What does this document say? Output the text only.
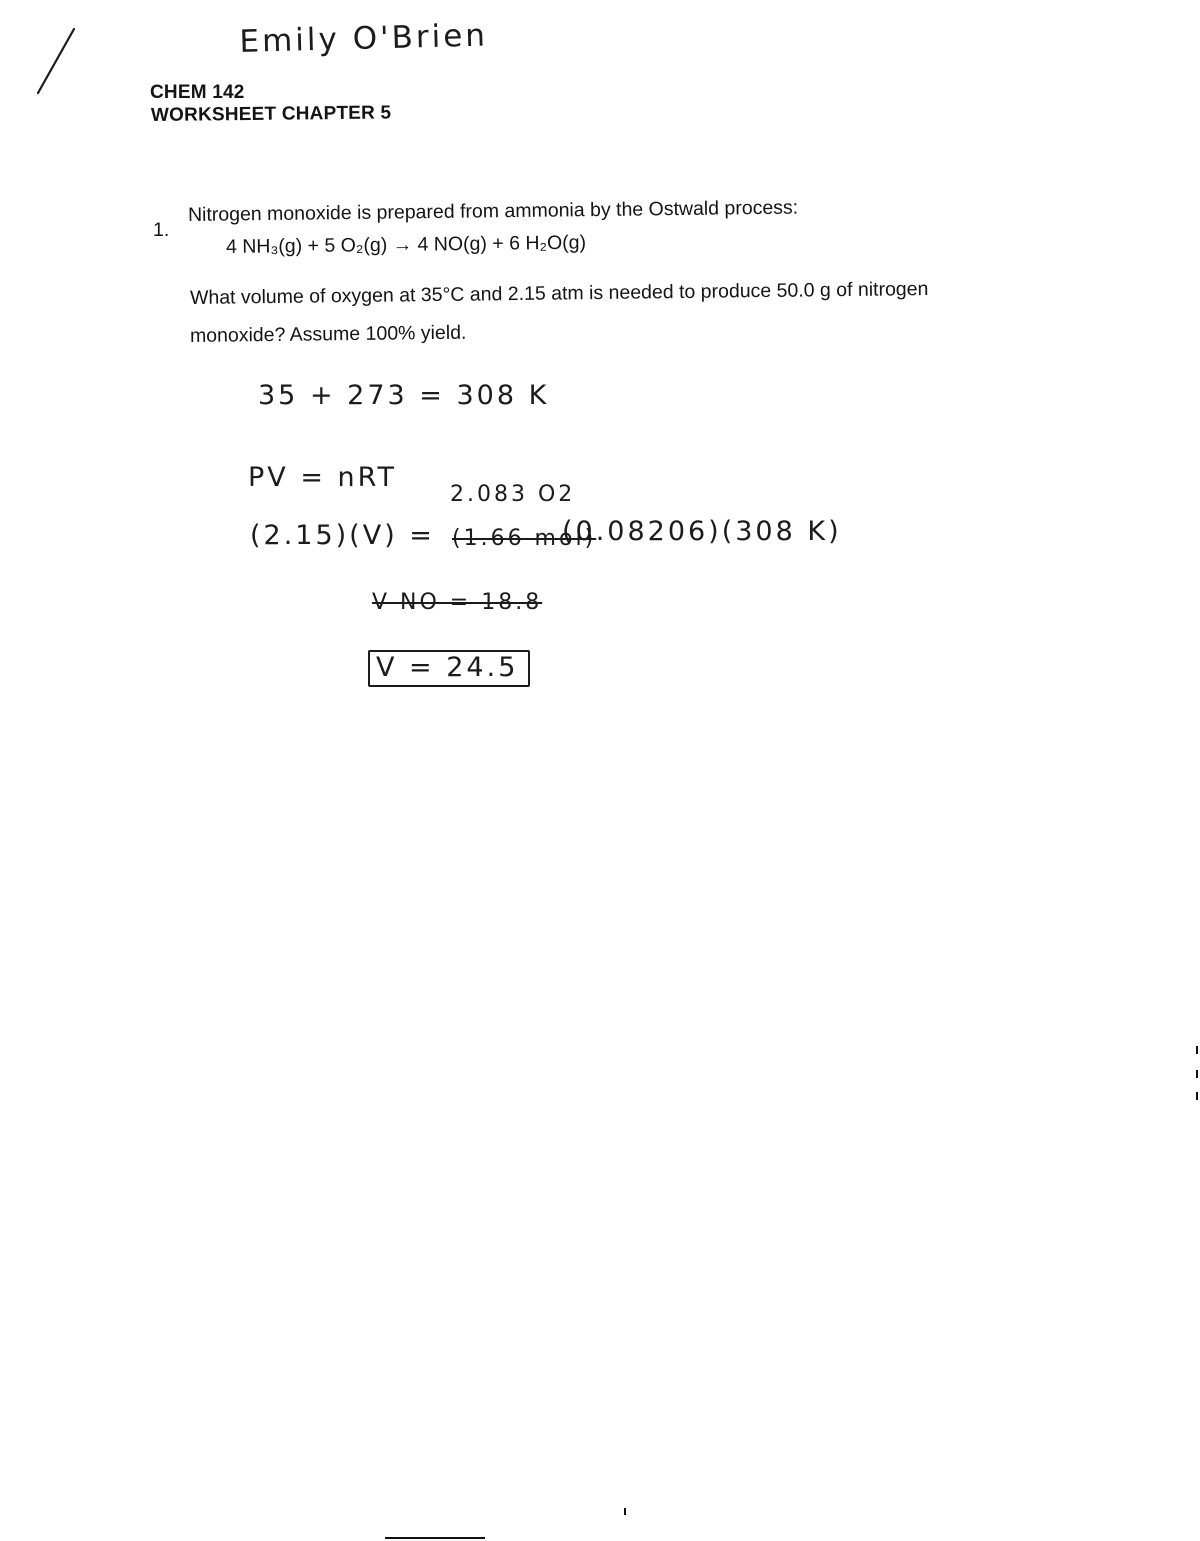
Emily O'Brien
CHEM 142
WORKSHEET CHAPTER 5
1.
Nitrogen monoxide is prepared from ammonia by the Ostwald process:
4 NH₃(g) + 5 O₂(g) → 4 NO(g) + 6 H₂O(g)
What volume of oxygen at 35°C and 2.15 atm is needed to produce 50.0 g of nitrogen
monoxide? Assume 100% yield.
35 + 273 = 308 K
PV = nRT
2.083 O2
(2.15)(V) = (1.66 mol)
(0.08206)(308 K)
V NO = 18.8
V = 24.5
